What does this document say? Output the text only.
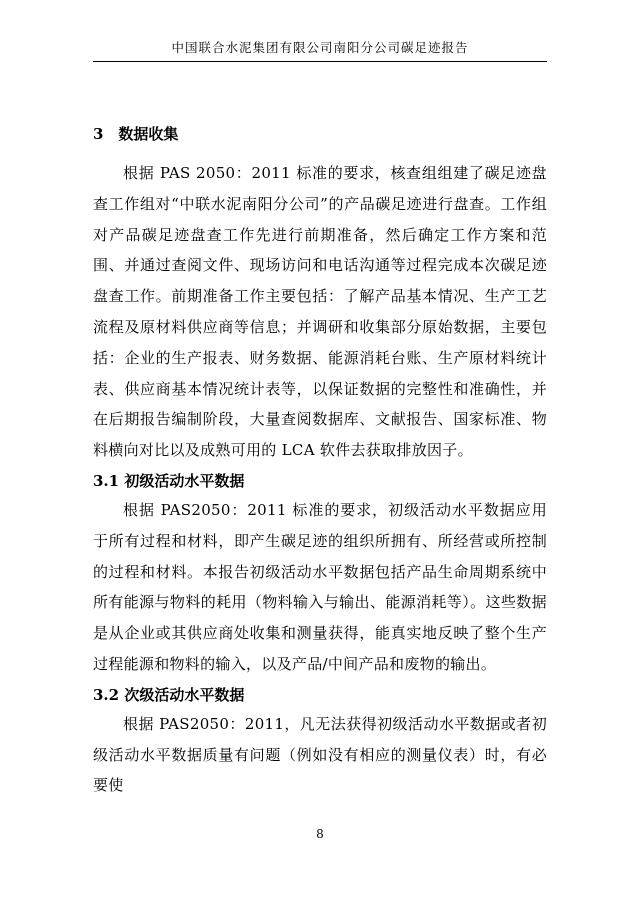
中国联合水泥集团有限公司南阳分公司碳足迹报告
3　数据收集

根据 PAS 2050：2011 标准的要求，核查组组建了碳足迹盘查工作组对“中联水泥南阳分公司”的产品碳足迹进行盘查。工作组对产品碳足迹盘查工作先进行前期准备，然后确定工作方案和范围、并通过查阅文件、现场访问和电话沟通等过程完成本次碳足迹盘查工作。前期准备工作主要包括：了解产品基本情况、生产工艺流程及原材料供应商等信息；并调研和收集部分原始数据，主要包括：企业的生产报表、财务数据、能源消耗台账、生产原材料统计表、供应商基本情况统计表等，以保证数据的完整性和准确性，并在后期报告编制阶段，大量查阅数据库、文献报告、国家标准、物料横向对比以及成熟可用的 LCA 软件去获取排放因子。

3.1 初级活动水平数据

根据 PAS2050：2011 标准的要求，初级活动水平数据应用于所有过程和材料，即产生碳足迹的组织所拥有、所经营或所控制的过程和材料。本报告初级活动水平数据包括产品生命周期系统中所有能源与物料的耗用（物料输入与输出、能源消耗等）。这些数据是从企业或其供应商处收集和测量获得，能真实地反映了整个生产过程能源和物料的输入，以及产品/中间产品和废物的输出。

3.2 次级活动水平数据

根据 PAS2050：2011，凡无法获得初级活动水平数据或者初级活动水平数据质量有问题（例如没有相应的测量仪表）时，有必要使

8
